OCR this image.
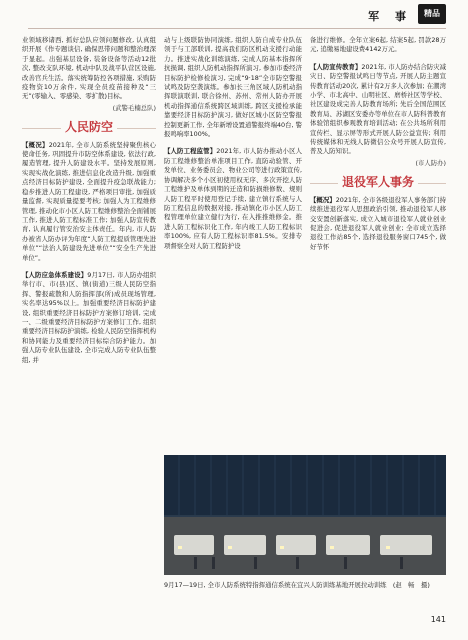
军 事	精品

业领域移诸西, 抓好总队应领问题修改, 认真组织开展《作专题谈信, 确保思带问题和整治理深于显起。出强基层设备, 装备设备等活动12批次, 整改支队环境, 机动中队及战平队营区设施, 改善官兵生活。落实统筹防控各项措施, 采购防疫物资10万余件, 实现全员疫苗接种及“三无”(零输入、零感染、零扩散)目标。

(武警毛楠总队)

人民防空

【概况】2021年, 全市人防系统坚持聚焦核心使命任务, 巩固提升市防空体系建设, 依法行政, 履造管理, 提升人防建设水平。坚持发展原则, 实现实战化演练, 推进信息化改造升级, 加强重点经济目标防护建设, 全面提升疫急联战能力; 稳步推进人防工程建设, 严格项目审批, 加强质量监督, 实现质量提要考核; 加强人为工程维修管理, 推动化市小区人防工程维修整治全面铺展工作, 推进人防工程标准工作; 加强人防宣传教育, 认真履行管安治安主体责任。年内, 市人防办被省人防办评为年度“人防工程提质管理先进单位”“法治人防建设先进单位”“安全生产先进单位”。

【人防应急体系建设】9月17日, 市人防办组织举行市、市(县)区、镇(街道)三级人民防空指挥、警报疏散和人防指挥部(所)成员现场管理, 实名率达95%以上。加强重要经济目标防护建设, 组织重要经济目标防护方案修订培训, 完成一、二级重要经济目标防护方案修订工作, 组织重要经济目标防护演练, 检验人民防空指挥机构和协同能力及重要经济目标综合防护能力。加强人防专业队伍建设, 全市完成人防专业队伍整组, 并

动与上级联防协同演练, 组织人防自成专业队伍领于与工部联训, 提高我们防区机动支援行动能力。推进实战化训练演练, 完成人防基本指挥所抗损调, 组织人防机动指挥所演习, 参加市委经济目标防护检修检演习, 完成“9·18”全市防空警报试鸣及防空袭演练。参加长三角区域人防机动指挥联演联训, 联合徐州、苏州、常州人防办开展机动指挥通信系统跨区域训练, 跨区支援检承能靠要经济目标防护演习, 做好区城小区防空警报控制更新工作, 全年新增设置道警报终端40台, 警报鸣响率100%。

【人防工程监管】2021年, 市人防办推动小区人防工程维修整治单准项目工作, 直防动验管、开发单位、业务委员会、物业公司等进行政策宣传, 协调解决多个小区初使用权无序、多次开挖人防工程维护及单体到期的迁造和防损维修数、规则人防工程平时使用登记手续, 建立镇行系统与人防工程信息的数据对接, 推动镇化市小区人防工程管理单位建立健行为行, 在入推推维修金。推进人防工程标识化工作, 年内竣工人防工程标识率100%, 应有人防工程标识率81.5%。安排专项督察全对人防工程防护设

备进行维修。全年立案6起, 结案5起, 罚款28万元, 追缴易地建设费4142万元。

【人防宣传教育】2021年, 市人防办结合防灾减灾日、防空警报试鸣日等节点, 开展人防主题宣传教育活动20次, 累计有2万多人次参加; 在潮湾小学、市北高中、山明社区、磨桥社区等学校、社区建设成完善人防教育场所; 先后全国范围区教育局、苏湖区安委办等单位在市人防科普教育体验馆组织参观教育培训活动; 在公共场所利用宣传栏、显示屏等形式开展人防公益宣传; 利用传统媒体和无线人防微信公众号开展人防宣传, 普及人防知识。

(市人防办)

退役军人事务

【概况】2021年, 全市各级退役军人事务部门持续推进退役军人思想政治引领, 推动退役军人移交安置创新落实, 成立入城市退役军人就业创业促进会, 促进退役军人就业创业; 全市成立选择退役工作站85个, 选择退役服务窗口745个, 做好节怀

9月17—19日, 全市人防系统特指挥通信系统在宜兴人防训练基地开展拉动训练　(赵　畅　摄)
141
